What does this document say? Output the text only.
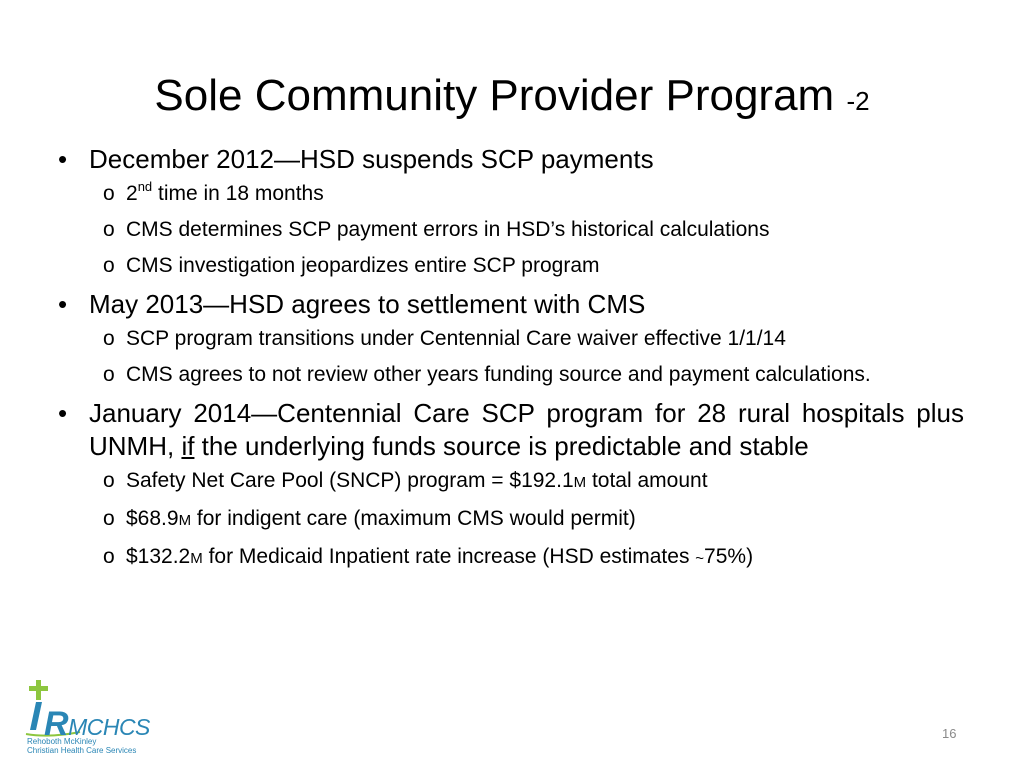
Sole Community Provider Program -2
• December 2012—HSD suspends SCP payments
o 2nd time in 18 months
o CMS determines SCP payment errors in HSD’s historical calculations
o CMS investigation jeopardizes entire SCP program
• May 2013—HSD agrees to settlement with CMS
o SCP program transitions under Centennial Care waiver effective 1/1/14
o CMS agrees to not review other years funding source and payment calculations.
• January 2014—Centennial Care SCP program for 28 rural hospitals plus UNMH, if the underlying funds source is predictable and stable
o Safety Net Care Pool (SNCP) program = $192.1M total amount
o $68.9M for indigent care (maximum CMS would permit)
o $132.2M for Medicaid Inpatient rate increase (HSD estimates ~75%)
RMCHCS
Rehoboth McKinley
Christian Health Care Services
16
